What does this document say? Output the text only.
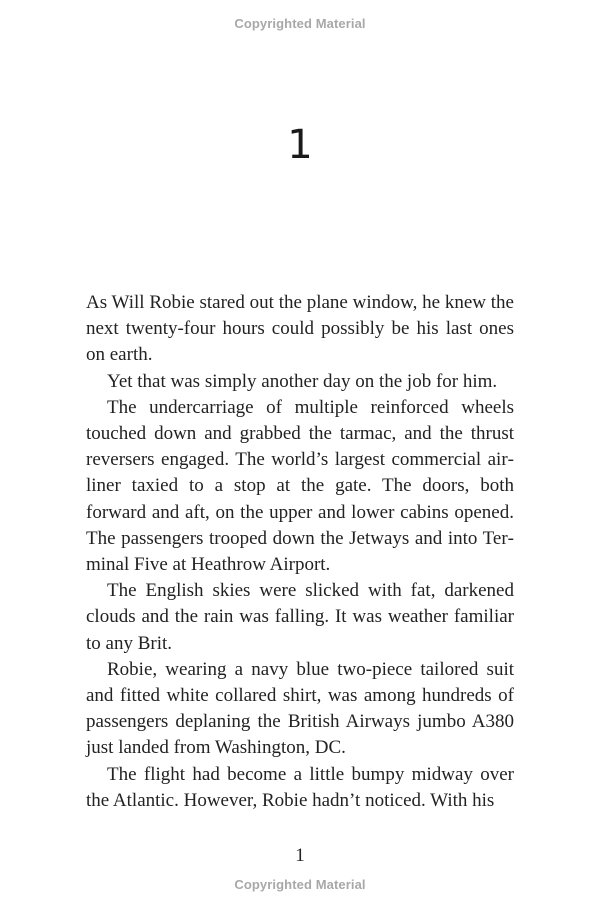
Copyrighted Material
1

As Will Robie stared out the plane window, he knew the next twenty-four hours could possibly be his last ones on earth.

Yet that was simply another day on the job for him.

The undercarriage of multiple reinforced wheels touched down and grabbed the tarmac, and the thrust reversers engaged. The world’s largest commercial airliner taxied to a stop at the gate. The doors, both forward and aft, on the upper and lower cabins opened. The passengers trooped down the Jetways and into Terminal Five at Heathrow Airport.

The English skies were slicked with fat, darkened clouds and the rain was falling. It was weather familiar to any Brit.

Robie, wearing a navy blue two-piece tailored suit and fitted white collared shirt, was among hundreds of passengers deplaning the British Airways jumbo A380 just landed from Washington, DC.

The flight had become a little bumpy midway over the Atlantic. However, Robie hadn’t noticed. With his

1
Copyrighted Material
